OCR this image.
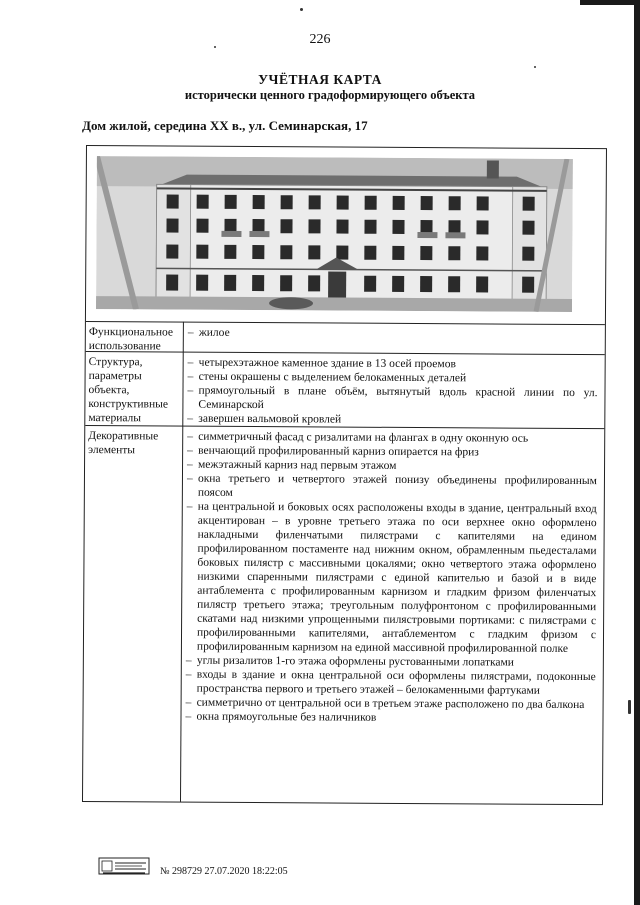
226
УЧЁТНАЯ КАРТА
исторически ценного градоформирующего объекта
Дом жилой, середина XX в., ул. Семинарская, 17
Функциональное использование
– жилое
Структура, параметры объекта, конструктивные материалы
– четырехэтажное каменное здание в 13 осей проемов
– стены окрашены с выделением белокаменных деталей
– прямоугольный в плане объём, вытянутый вдоль красной линии по ул. Семинарской
– завершен вальмовой кровлей
Декоративные элементы
– симметричный фасад с ризалитами на флангах в одну оконную ось
– венчающий профилированный карниз опирается на фриз
– межэтажный карниз над первым этажом
– окна третьего и четвертого этажей понизу объединены профилированным поясом
– на центральной и боковых осях расположены входы в здание, центральный вход акцентирован – в уровне третьего этажа по оси верхнее окно оформлено накладными филенчатыми пилястрами с капителями на едином профилированном постаменте над нижним окном, обрамленным пьедесталами боковых пилястр с массивными цокалями; окно четвертого этажа оформлено низкими спаренными пилястрами с единой капителью и базой и в виде антаблемента с профилированным карнизом и гладким фризом филенчатых пилястр третьего этажа; треугольным полуфронтоном с профилированными скатами над низкими упрощенными пилястровыми портиками: с пилястрами с профилированными капителями, антаблементом с гладким фризом с профилированным карнизом на единой массивной профилированной полке
– углы ризалитов 1-го этажа оформлены рустованными лопатками
– входы в здание и окна центральной оси оформлены пилястрами, подоконные пространства первого и третьего этажей – белокаменными фартуками
– симметрично от центральной оси в третьем этаже расположено по два балкона
– окна прямоугольные без наличников
№ 298729 27.07.2020 18:22:05
